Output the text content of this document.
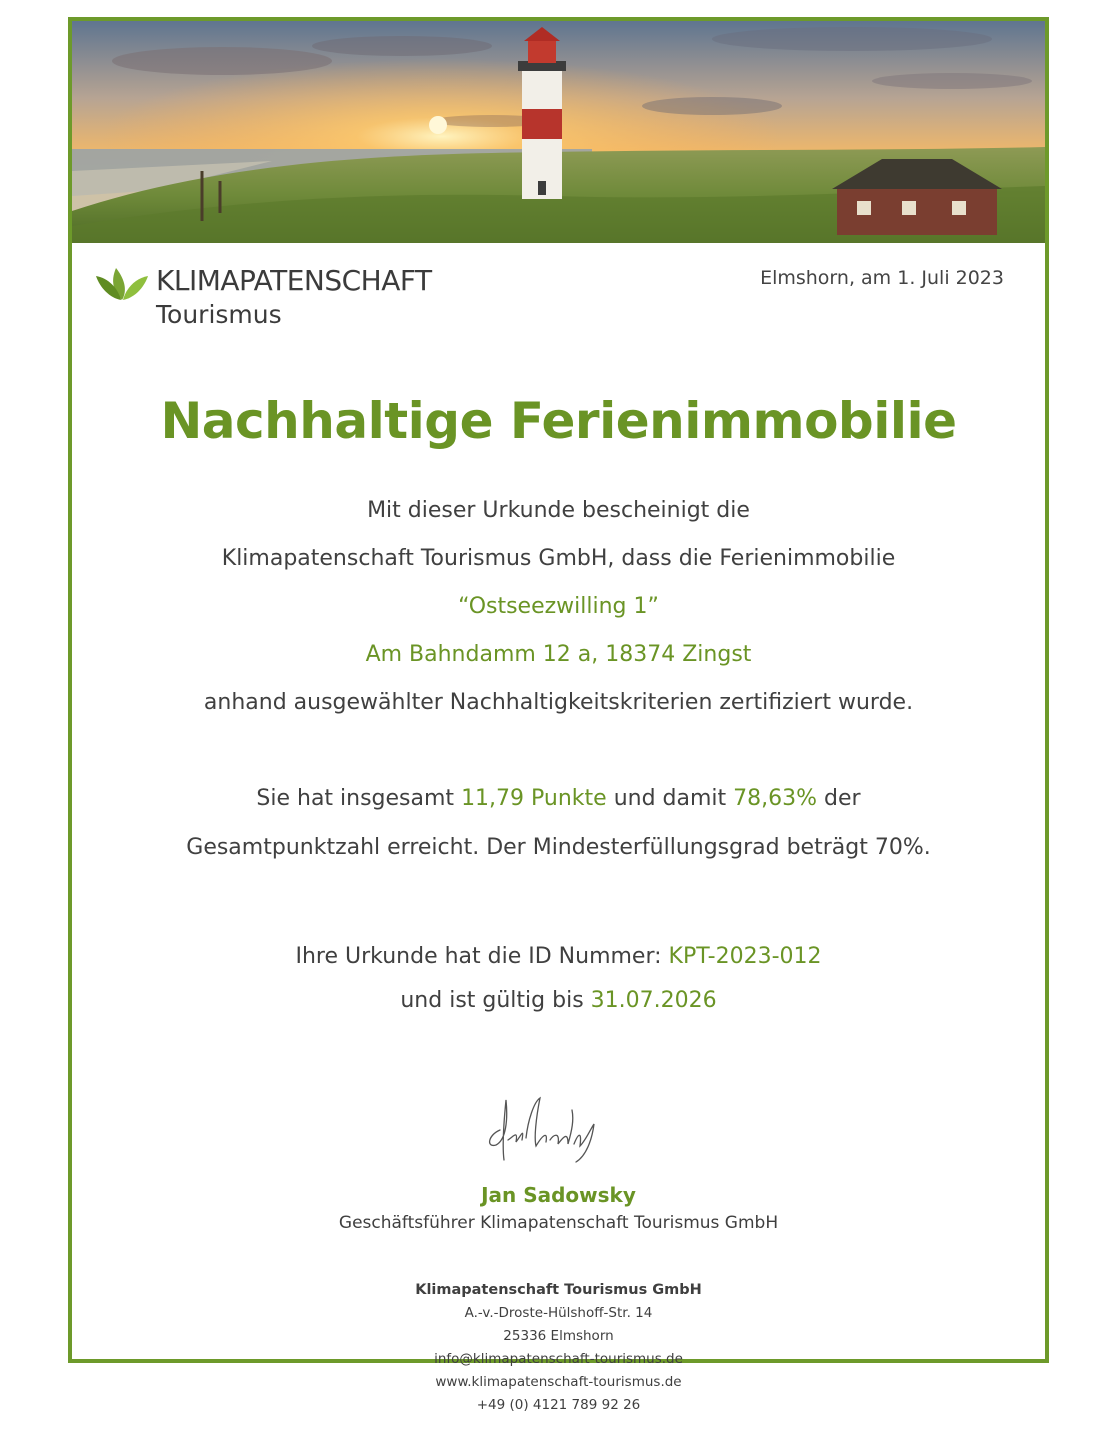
KLIMAPATENSCHAFT
Tourismus
Elmshorn, am 1. Juli 2023
Nachhaltige Ferienimmobilie
Mit dieser Urkunde bescheinigt die
Klimapatenschaft Tourismus GmbH, dass die Ferienimmobilie
“Ostseezwilling 1”
Am Bahndamm 12 a, 18374 Zingst
anhand ausgewählter Nachhaltigkeitskriterien zertifiziert wurde.
Sie hat insgesamt 11,79 Punkte und damit 78,63% der
Gesamtpunktzahl erreicht. Der Mindesterfüllungsgrad beträgt 70%.
Ihre Urkunde hat die ID Nummer: KPT-2023-012
und ist gültig bis 31.07.2026
Jan Sadowsky
Geschäftsführer Klimapatenschaft Tourismus GmbH
Klimapatenschaft Tourismus GmbH
A.-v.-Droste-Hülshoff-Str. 14
25336 Elmshorn
info@klimapatenschaft-tourismus.de
www.klimapatenschaft-tourismus.de
+49 (0) 4121 789 92 26
